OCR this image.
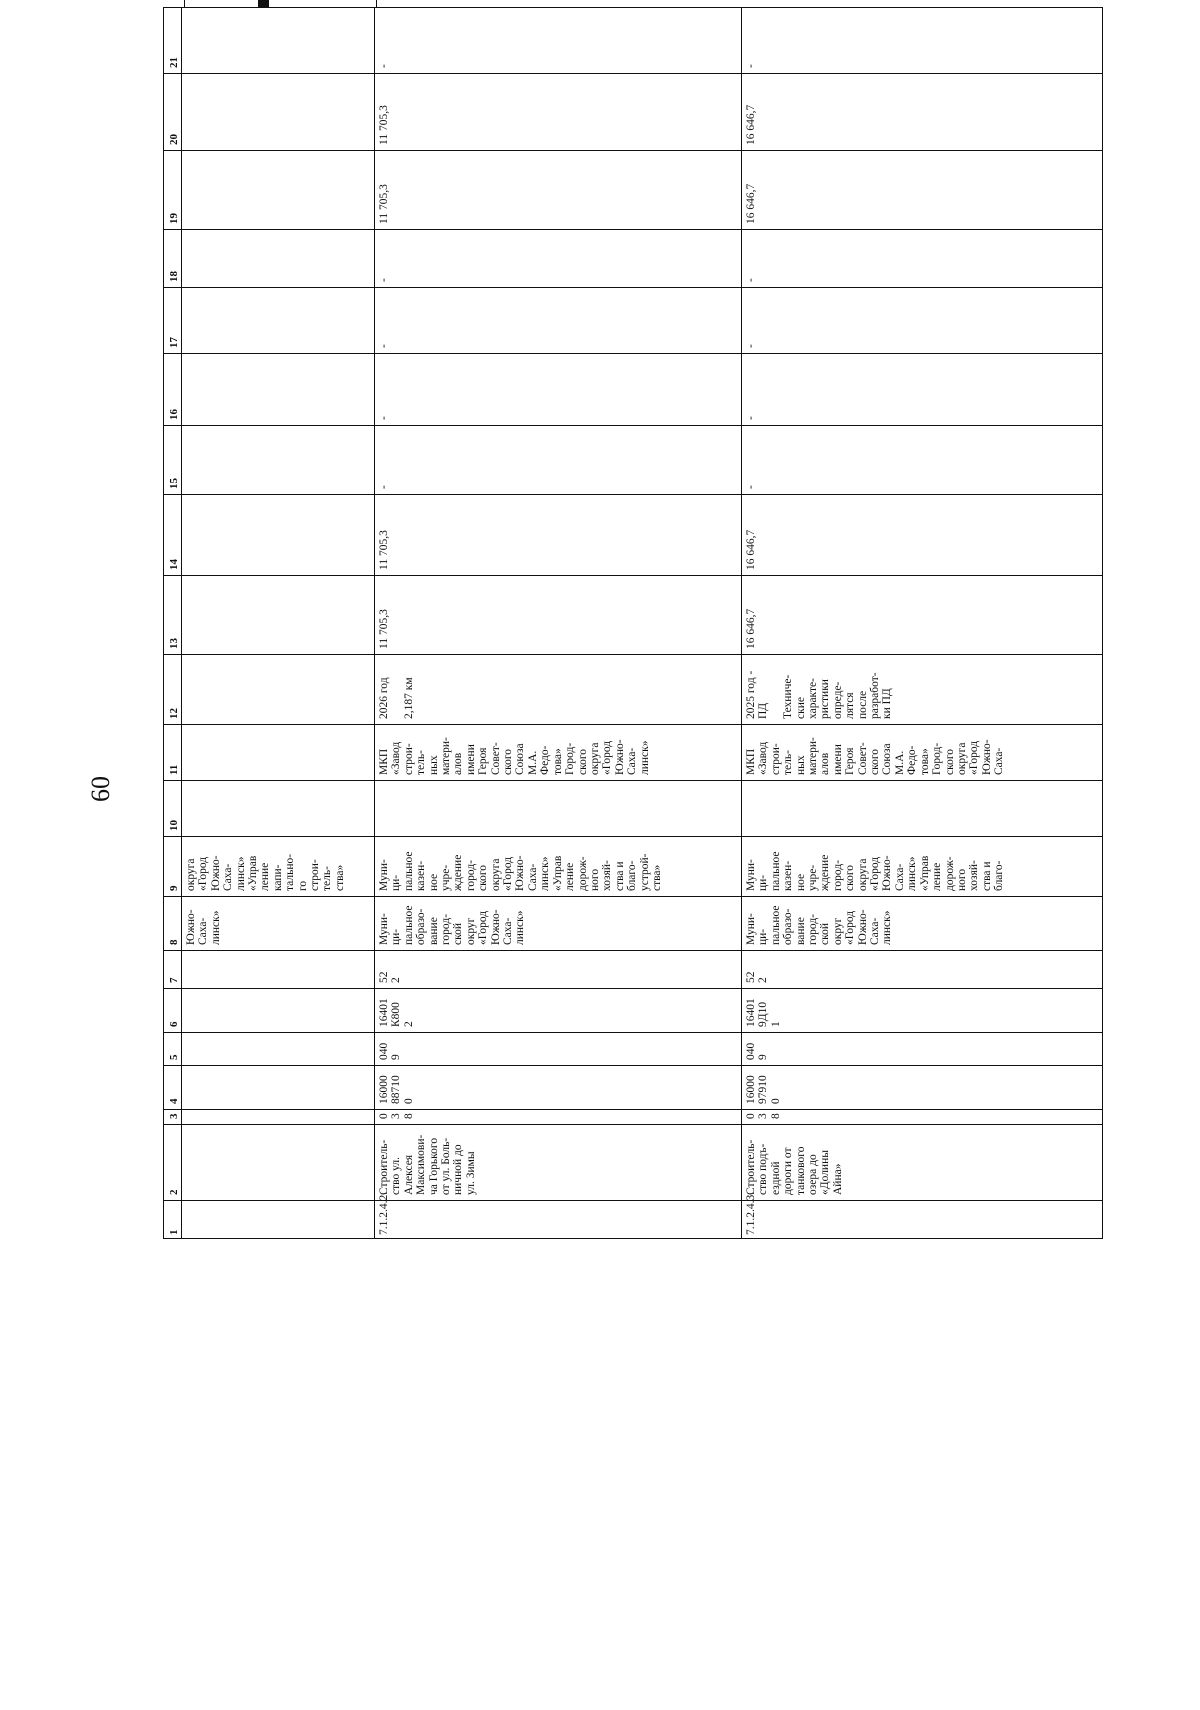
60
1
2
3
4
5
6
7
8
9
10
11
12
13
14
15
16
17
18
19
20
21
Южно-
Саха-
линск»
округа
«Город
Южно-
Саха-
линск»
«Управ
ление
капи-
тально-
го
строи-
тель-
ства»
7.1.2.4.2.
Строитель-
ство ул.
Алексея
Максимови-
ча Горького
от ул. Боль-
ничной до
ул. Зимы
0
3
8
16000
88710
0
040
9
16401
К800
2
52
2
Муни-
ци-
пальное
образо-
вание
город-
ской
округ
«Город
Южно-
Саха-
линск»
Муни-
ци-
пальное
казен-
ное
учре-
ждение
город-
ского
округа
«Город
Южно-
Саха-
линск»
«Управ
ление
дорож-
ного
хозяй-
ства и
благо-
устрой-
ства»
МКП
«Завод
строи-
тель-
ных
матери-
алов
имени
Героя
Совет-
ского
Союза
М.А.
Федо-
това»
Город-
ского
округа
«Город
Южно-
Саха-
линск»
2026 год

2,187 км
11 705,3
11 705,3
-
-
-
-
11 705,3
11 705,3
-
7.1.2.4.3.
Строитель-
ство подъ-
ездной
дороги от
танкового
озера до
«Долины
Айна»
0
3
8
16000
97910
0
040
9
16401
9Д10
1
52
2
Муни-
ци-
пальное
образо-
вание
город-
ской
округ
«Город
Южно-
Саха-
линск»
Муни-
ци-
пальное
казен-
ное
учре-
ждение
город-
ского
округа
«Город
Южно-
Саха-
линск»
«Управ
ление
дорож-
ного
хозяй-
ства и
благо-
МКП
«Завод
строи-
тель-
ных
матери-
алов
имени
Героя
Совет-
ского
Союза
М.А.
Федо-
това»
Город-
ского
округа
«Город
Южно-
Саха-
2025 год -
ПД

Техниче-
ские
характе-
ристики
опреде-
лятся
после
разработ-
ки ПД
16 646,7
16 646,7
-
-
-
-
16 646,7
16 646,7
-
